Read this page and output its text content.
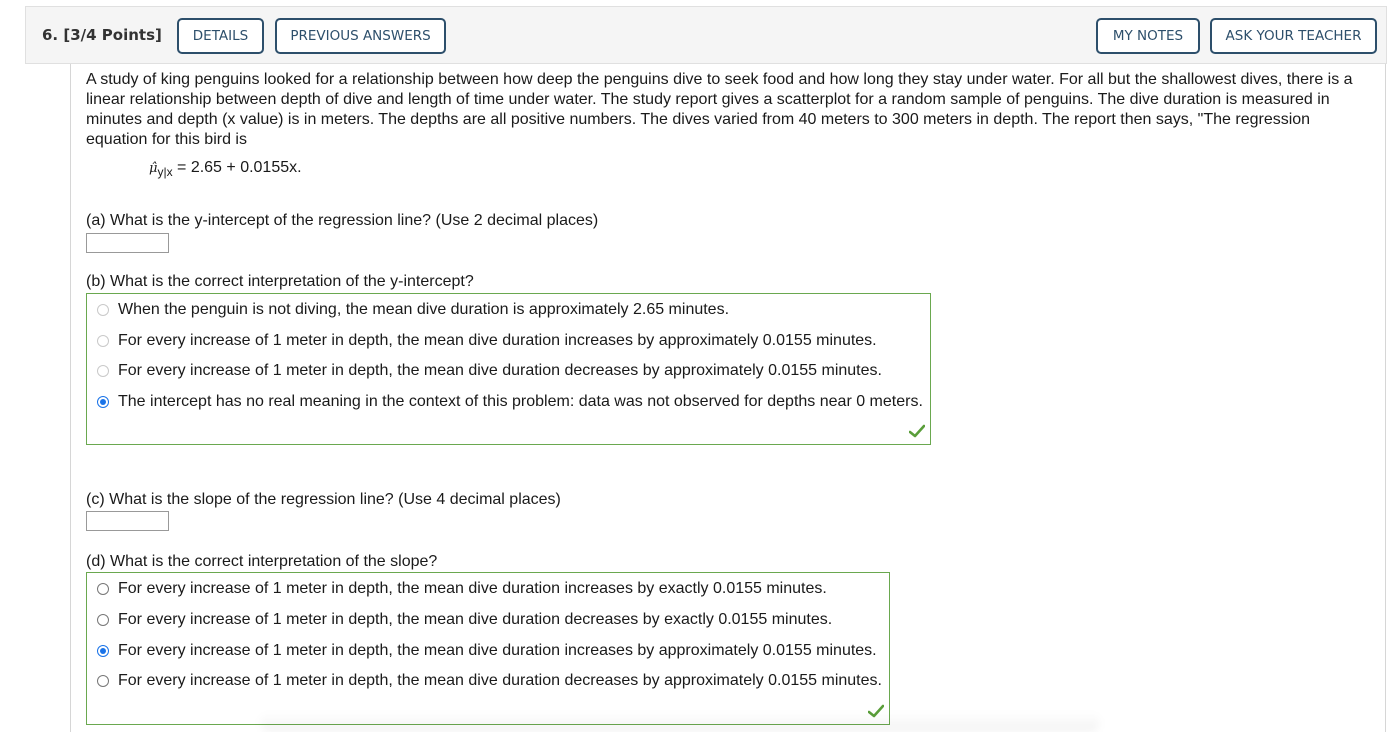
6. [3/4 Points]	DETAILS	PREVIOUS ANSWERS	MY NOTES	ASK YOUR TEACHER
A study of king penguins looked for a relationship between how deep the penguins dive to seek food and how long they stay under water. For all but the shallowest dives, there is a linear relationship between depth of dive and length of time under water. The study report gives a scatterplot for a random sample of penguins. The dive duration is measured in minutes and depth (x value) is in meters. The depths are all positive numbers. The dives varied from 40 meters to 300 meters in depth. The report then says, "The regression equation for this bird is
$\mû_{y|x} = 2.65 + 0.0155x$.
(a) What is the y-intercept of the regression line? (Use 2 decimal places)
(b) What is the correct interpretation of the y-intercept?
When the penguin is not diving, the mean dive duration is approximately 2.65 minutes.
For every increase of 1 meter in depth, the mean dive duration increases by approximately 0.0155 minutes.
For every increase of 1 meter in depth, the mean dive duration decreases by approximately 0.0155 minutes.
The intercept has no real meaning in the context of this problem: data was not observed for depths near 0 meters.
(c) What is the slope of the regression line? (Use 4 decimal places)
(d) What is the correct interpretation of the slope?
For every increase of 1 meter in depth, the mean dive duration increases by exactly 0.0155 minutes.
For every increase of 1 meter in depth, the mean dive duration decreases by exactly 0.0155 minutes.
For every increase of 1 meter in depth, the mean dive duration increases by approximately 0.0155 minutes.
For every increase of 1 meter in depth, the mean dive duration decreases by approximately 0.0155 minutes.
